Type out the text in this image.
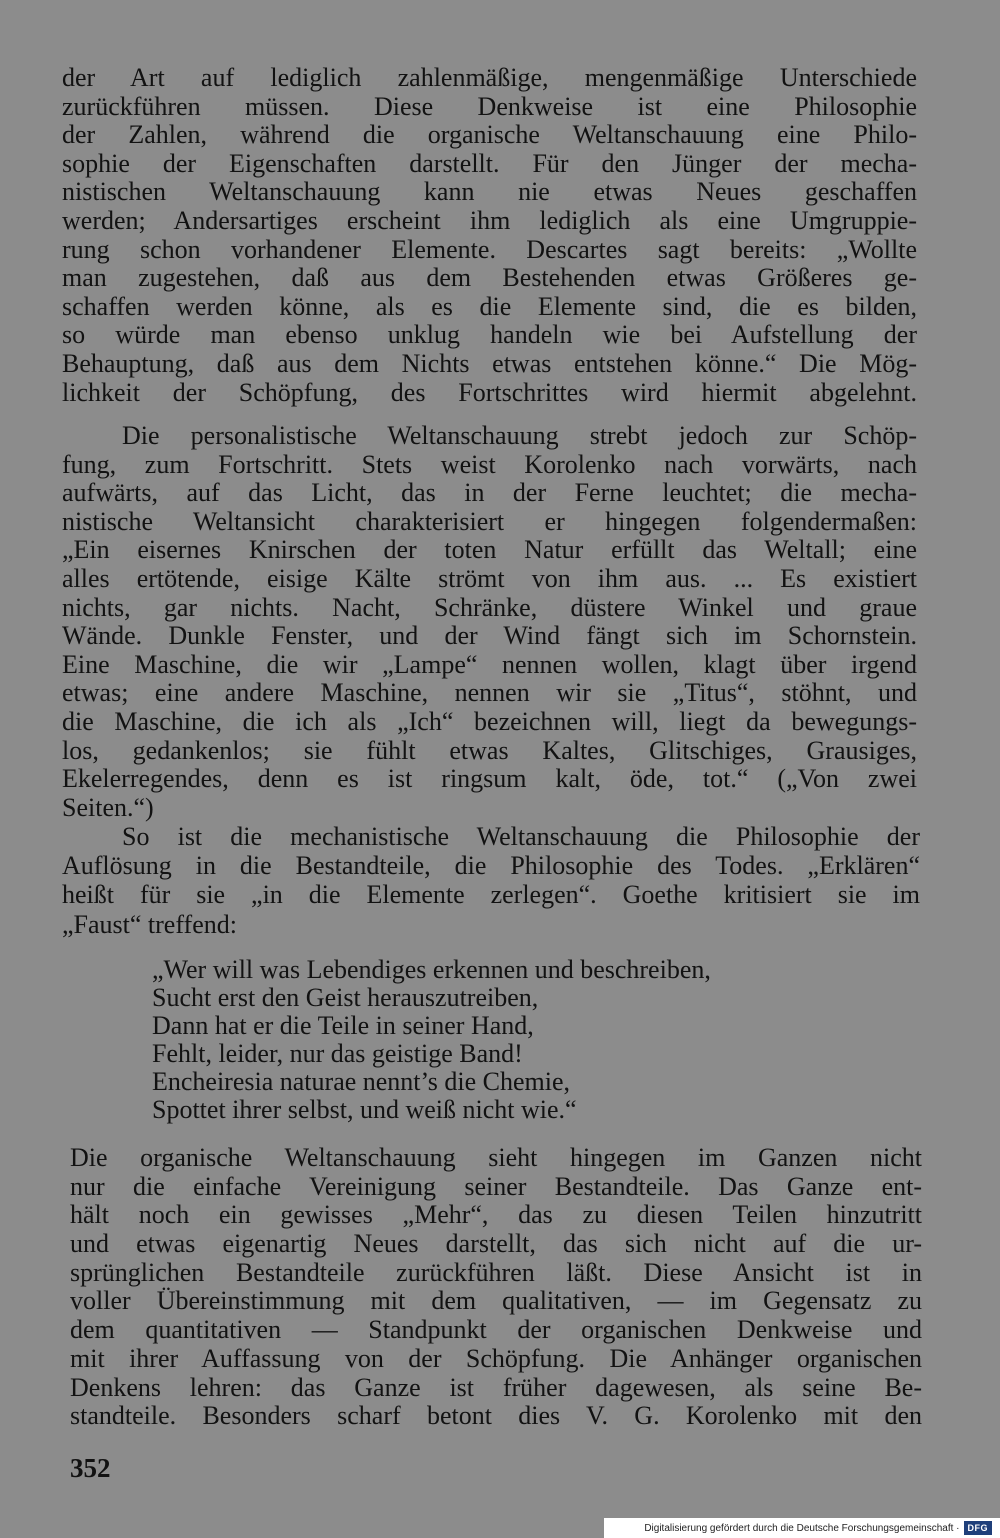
der Art auf lediglich zahlenmäßige, mengenmäßige Unterschiede
zurückführen müssen. Diese Denkweise ist eine Philosophie
der Zahlen, während die organische Weltanschauung eine Philo-
sophie der Eigenschaften darstellt. Für den Jünger der mecha-
nistischen Weltanschauung kann nie etwas Neues geschaffen
werden; Andersartiges erscheint ihm lediglich als eine Umgruppie-
rung schon vorhandener Elemente. Descartes sagt bereits: „Wollte
man zugestehen, daß aus dem Bestehenden etwas Größeres ge-
schaffen werden könne, als es die Elemente sind, die es bilden,
so würde man ebenso unklug handeln wie bei Aufstellung der
Behauptung, daß aus dem Nichts etwas entstehen könne.“ Die Mög-
lichkeit der Schöpfung, des Fortschrittes wird hiermit abgelehnt.
Die personalistische Weltanschauung strebt jedoch zur Schöp-
fung, zum Fortschritt. Stets weist Korolenko nach vorwärts, nach
aufwärts, auf das Licht, das in der Ferne leuchtet; die mecha-
nistische Weltansicht charakterisiert er hingegen folgendermaßen:
„Ein eisernes Knirschen der toten Natur erfüllt das Weltall; eine
alles ertötende, eisige Kälte strömt von ihm aus. ... Es existiert
nichts, gar nichts. Nacht, Schränke, düstere Winkel und graue
Wände. Dunkle Fenster, und der Wind fängt sich im Schornstein.
Eine Maschine, die wir „Lampe“ nennen wollen, klagt über irgend
etwas; eine andere Maschine, nennen wir sie „Titus“, stöhnt, und
die Maschine, die ich als „Ich“ bezeichnen will, liegt da bewegungs-
los, gedankenlos; sie fühlt etwas Kaltes, Glitschiges, Grausiges,
Ekelerregendes, denn es ist ringsum kalt, öde, tot.“ („Von zwei
Seiten.“)
So ist die mechanistische Weltanschauung die Philosophie der
Auflösung in die Bestandteile, die Philosophie des Todes. „Erklären“
heißt für sie „in die Elemente zerlegen“. Goethe kritisiert sie im
„Faust“ treffend:
„Wer will was Lebendiges erkennen und beschreiben,
Sucht erst den Geist herauszutreiben,
Dann hat er die Teile in seiner Hand,
Fehlt, leider, nur das geistige Band!
Encheiresia naturae nennt’s die Chemie,
Spottet ihrer selbst, und weiß nicht wie.“
Die organische Weltanschauung sieht hingegen im Ganzen nicht
nur die einfache Vereinigung seiner Bestandteile. Das Ganze ent-
hält noch ein gewisses „Mehr“, das zu diesen Teilen hinzutritt
und etwas eigenartig Neues darstellt, das sich nicht auf die ur-
sprünglichen Bestandteile zurückführen läßt. Diese Ansicht ist in
voller Übereinstimmung mit dem qualitativen, — im Gegensatz zu
dem quantitativen — Standpunkt der organischen Denkweise und
mit ihrer Auffassung von der Schöpfung. Die Anhänger organischen
Denkens lehren: das Ganze ist früher dagewesen, als seine Be-
standteile. Besonders scharf betont dies V. G. Korolenko mit den
352
Digitalisierung gefördert durch die Deutsche Forschungsgemeinschaft · DFG
